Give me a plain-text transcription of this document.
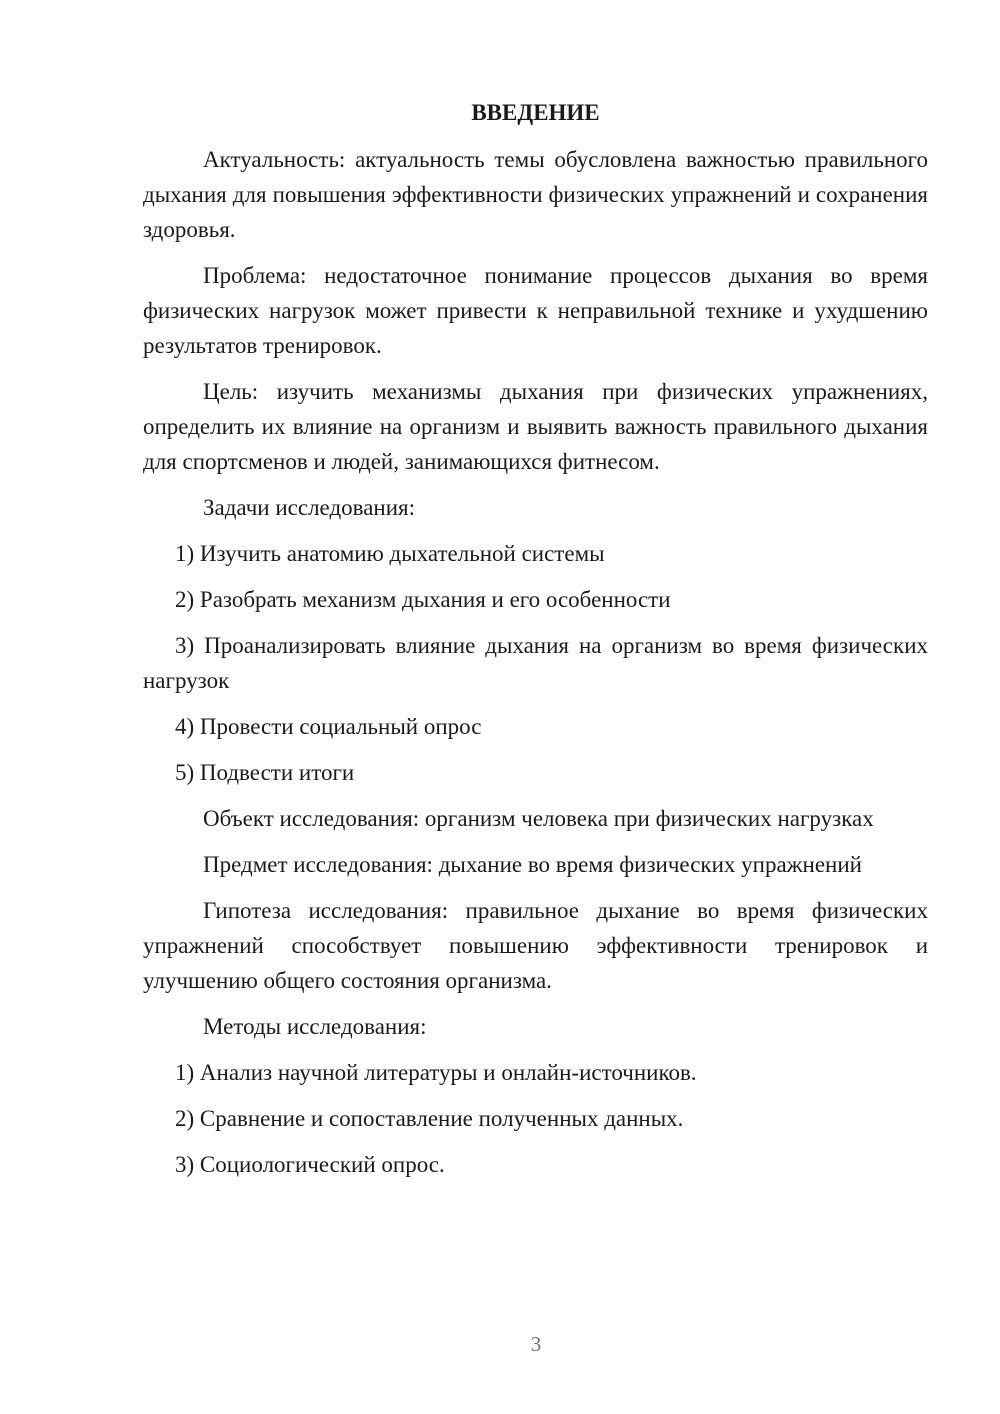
ВВЕДЕНИЕ
Актуальность: актуальность темы обусловлена важностью правильного дыхания для повышения эффективности физических упражнений и сохранения здоровья.
Проблема: недостаточное понимание процессов дыхания во время физических нагрузок может привести к неправильной технике и ухудшению результатов тренировок.
Цель: изучить механизмы дыхания при физических упражнениях, определить их влияние на организм и выявить важность правильного дыхания для спортсменов и людей, занимающихся фитнесом.
Задачи исследования:
1) Изучить анатомию дыхательной системы
2) Разобрать механизм дыхания и его особенности
3) Проанализировать влияние дыхания на организм во время физических нагрузок
4) Провести социальный опрос
5) Подвести итоги
Объект исследования: организм человека при физических нагрузках
Предмет исследования: дыхание во время физических упражнений
Гипотеза исследования: правильное дыхание во время физических упражнений способствует повышению эффективности тренировок и улучшению общего состояния организма.
Методы исследования:
1) Анализ научной литературы и онлайн-источников.
2) Сравнение и сопоставление полученных данных.
3) Социологический опрос.
3
